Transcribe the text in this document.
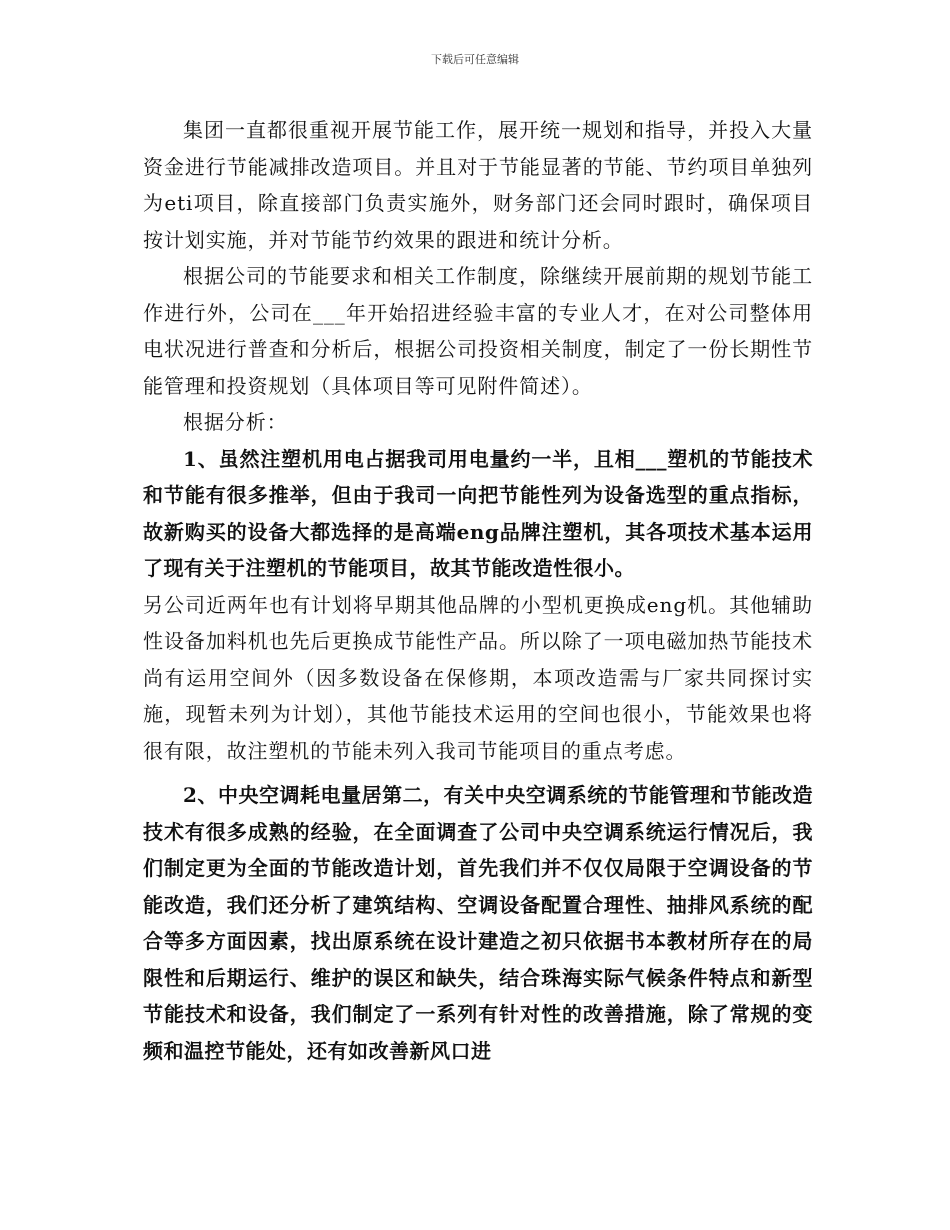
下载后可任意编辑

集团一直都很重视开展节能工作，展开统一规划和指导，并投入大量资金进行节能减排改造项目。并且对于节能显著的节能、节约项目单独列为eti项目，除直接部门负责实施外，财务部门还会同时跟时，确保项目按计划实施，并对节能节约效果的跟进和统计分析。

根据公司的节能要求和相关工作制度，除继续开展前期的规划节能工作进行外，公司在___年开始招进经验丰富的专业人才，在对公司整体用电状况进行普查和分析后，根据公司投资相关制度，制定了一份长期性节能管理和投资规划（具体项目等可见附件简述）。

根据分析：

1、虽然注塑机用电占据我司用电量约一半，且相___塑机的节能技术和节能有很多推举，但由于我司一向把节能性列为设备选型的重点指标，故新购买的设备大都选择的是高端eng品牌注塑机，其各项技术基本运用了现有关于注塑机的节能项目，故其节能改造性很小。

另公司近两年也有计划将早期其他品牌的小型机更换成eng机。其他辅助性设备加料机也先后更换成节能性产品。所以除了一项电磁加热节能技术尚有运用空间外（因多数设备在保修期，本项改造需与厂家共同探讨实施，现暂未列为计划），其他节能技术运用的空间也很小，节能效果也将很有限，故注塑机的节能未列入我司节能项目的重点考虑。

2、中央空调耗电量居第二，有关中央空调系统的节能管理和节能改造技术有很多成熟的经验，在全面调查了公司中央空调系统运行情况后，我们制定更为全面的节能改造计划，首先我们并不仅仅局限于空调设备的节能改造，我们还分析了建筑结构、空调设备配置合理性、抽排风系统的配合等多方面因素，找出原系统在设计建造之初只依据书本教材所存在的局限性和后期运行、维护的误区和缺失，结合珠海实际气候条件特点和新型节能技术和设备，我们制定了一系列有针对性的改善措施，除了常规的变频和温控节能处，还有如改善新风口进
